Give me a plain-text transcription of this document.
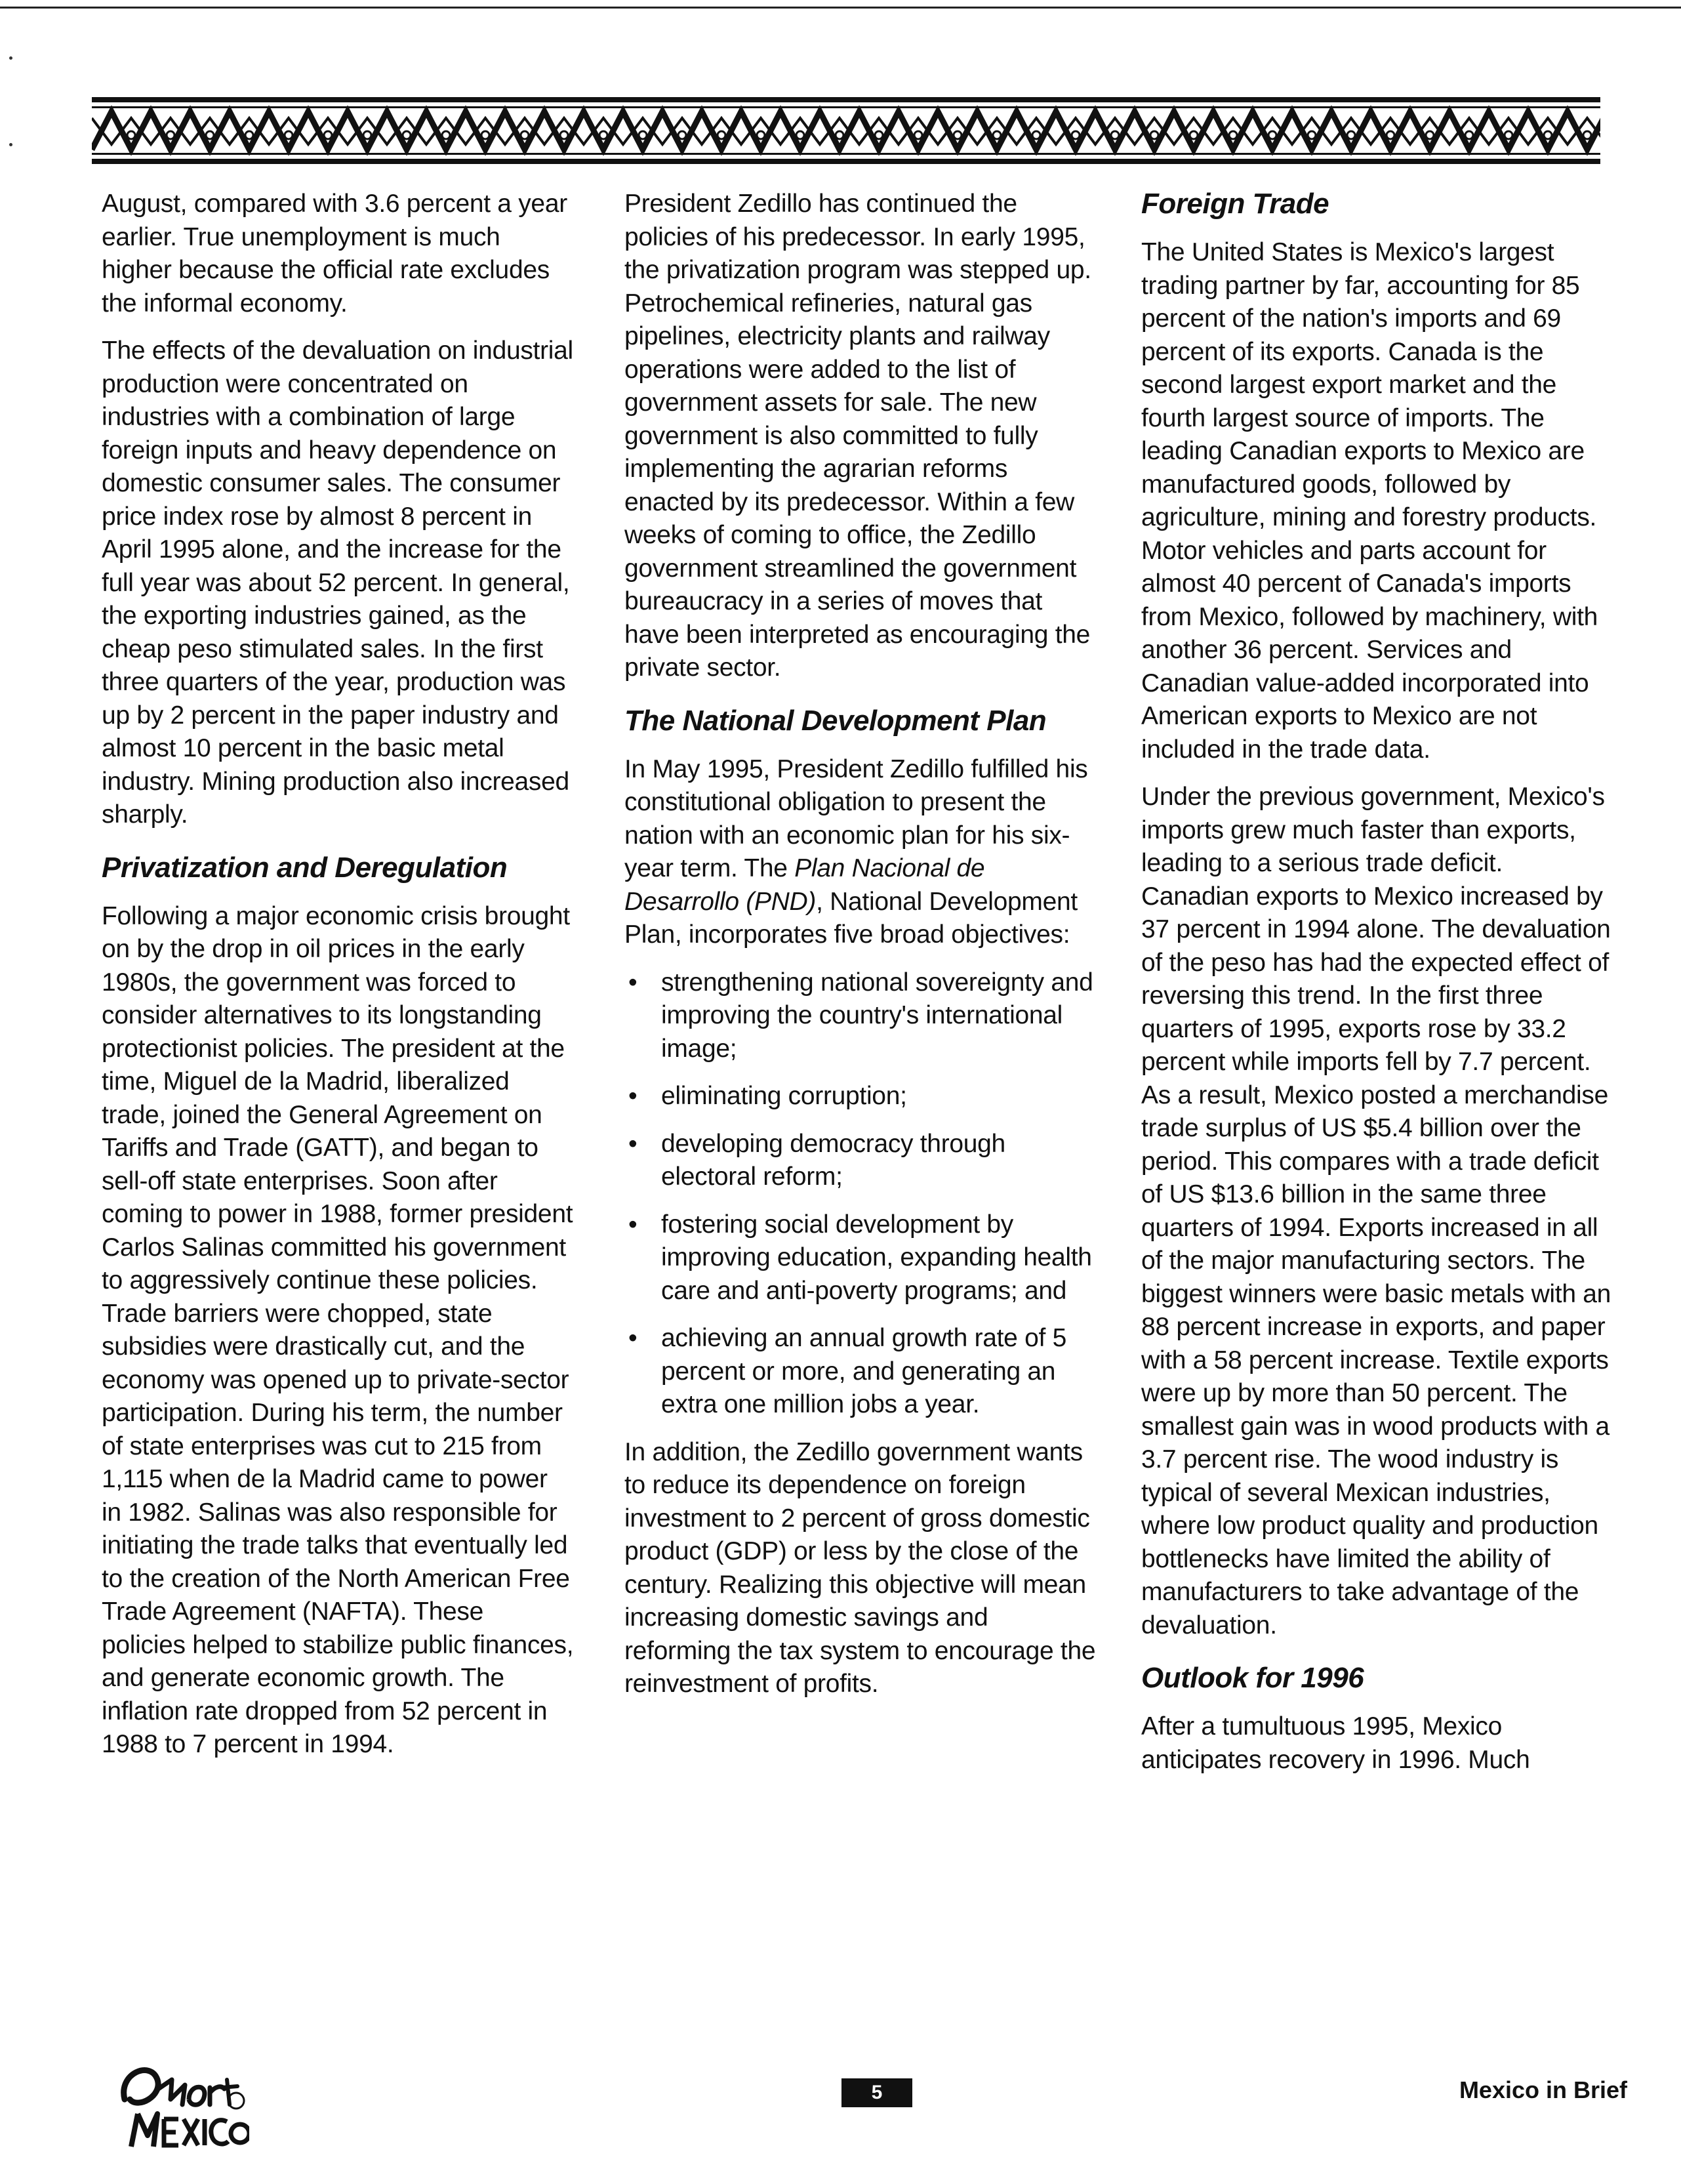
August, compared with 3.6 percent a year earlier. True unemployment is much higher because the official rate excludes the informal economy.

The effects of the devaluation on industrial production were concentrated on industries with a combination of large foreign inputs and heavy dependence on domestic consumer sales. The consumer price index rose by almost 8 percent in April 1995 alone, and the increase for the full year was about 52 percent. In general, the exporting industries gained, as the cheap peso stimulated sales. In the first three quarters of the year, production was up by 2 percent in the paper industry and almost 10 percent in the basic metal industry. Mining production also increased sharply.

Privatization and Deregulation

Following a major economic crisis brought on by the drop in oil prices in the early 1980s, the government was forced to consider alternatives to its longstanding protectionist policies. The president at the time, Miguel de la Madrid, liberalized trade, joined the General Agreement on Tariffs and Trade (GATT), and began to sell-off state enterprises. Soon after coming to power in 1988, former president Carlos Salinas committed his government to aggressively continue these policies. Trade barriers were chopped, state subsidies were drastically cut, and the economy was opened up to private-sector participation. During his term, the number of state enterprises was cut to 215 from 1,115 when de la Madrid came to power in 1982. Salinas was also responsible for initiating the trade talks that eventually led to the creation of the North American Free Trade Agreement (NAFTA). These policies helped to stabilize public finances, and generate economic growth. The inflation rate dropped from 52 percent in 1988 to 7 percent in 1994.

President Zedillo has continued the policies of his predecessor. In early 1995, the privatization program was stepped up. Petrochemical refineries, natural gas pipelines, electricity plants and railway operations were added to the list of government assets for sale. The new government is also committed to fully implementing the agrarian reforms enacted by its predecessor. Within a few weeks of coming to office, the Zedillo government streamlined the government bureaucracy in a series of moves that have been interpreted as encouraging the private sector.

The National Development Plan

In May 1995, President Zedillo fulfilled his constitutional obligation to present the nation with an economic plan for his six-year term. The Plan Nacional de Desarrollo (PND), National Development Plan, incorporates five broad objectives:

• strengthening national sovereignty and improving the country's international image;
• eliminating corruption;
• developing democracy through electoral reform;
• fostering social development by improving education, expanding health care and anti-poverty programs; and
• achieving an annual growth rate of 5 percent or more, and generating an extra one million jobs a year.

In addition, the Zedillo government wants to reduce its dependence on foreign investment to 2 percent of gross domestic product (GDP) or less by the close of the century. Realizing this objective will mean increasing domestic savings and reforming the tax system to encourage the reinvestment of profits.

Foreign Trade

The United States is Mexico's largest trading partner by far, accounting for 85 percent of the nation's imports and 69 percent of its exports. Canada is the second largest export market and the fourth largest source of imports. The leading Canadian exports to Mexico are manufactured goods, followed by agriculture, mining and forestry products. Motor vehicles and parts account for almost 40 percent of Canada's imports from Mexico, followed by machinery, with another 36 percent. Services and Canadian value-added incorporated into American exports to Mexico are not included in the trade data.

Under the previous government, Mexico's imports grew much faster than exports, leading to a serious trade deficit. Canadian exports to Mexico increased by 37 percent in 1994 alone. The devaluation of the peso has had the expected effect of reversing this trend. In the first three quarters of 1995, exports rose by 33.2 percent while imports fell by 7.7 percent. As a result, Mexico posted a merchandise trade surplus of US $5.4 billion over the period. This compares with a trade deficit of US $13.6 billion in the same three quarters of 1994. Exports increased in all of the major manufacturing sectors. The biggest winners were basic metals with an 88 percent increase in exports, and paper with a 58 percent increase. Textile exports were up by more than 50 percent. The smallest gain was in wood products with a 3.7 percent rise. The wood industry is typical of several Mexican industries, where low product quality and production bottlenecks have limited the ability of manufacturers to take advantage of the devaluation.

Outlook for 1996

After a tumultuous 1995, Mexico anticipates recovery in 1996. Much

5	Mexico in Brief
